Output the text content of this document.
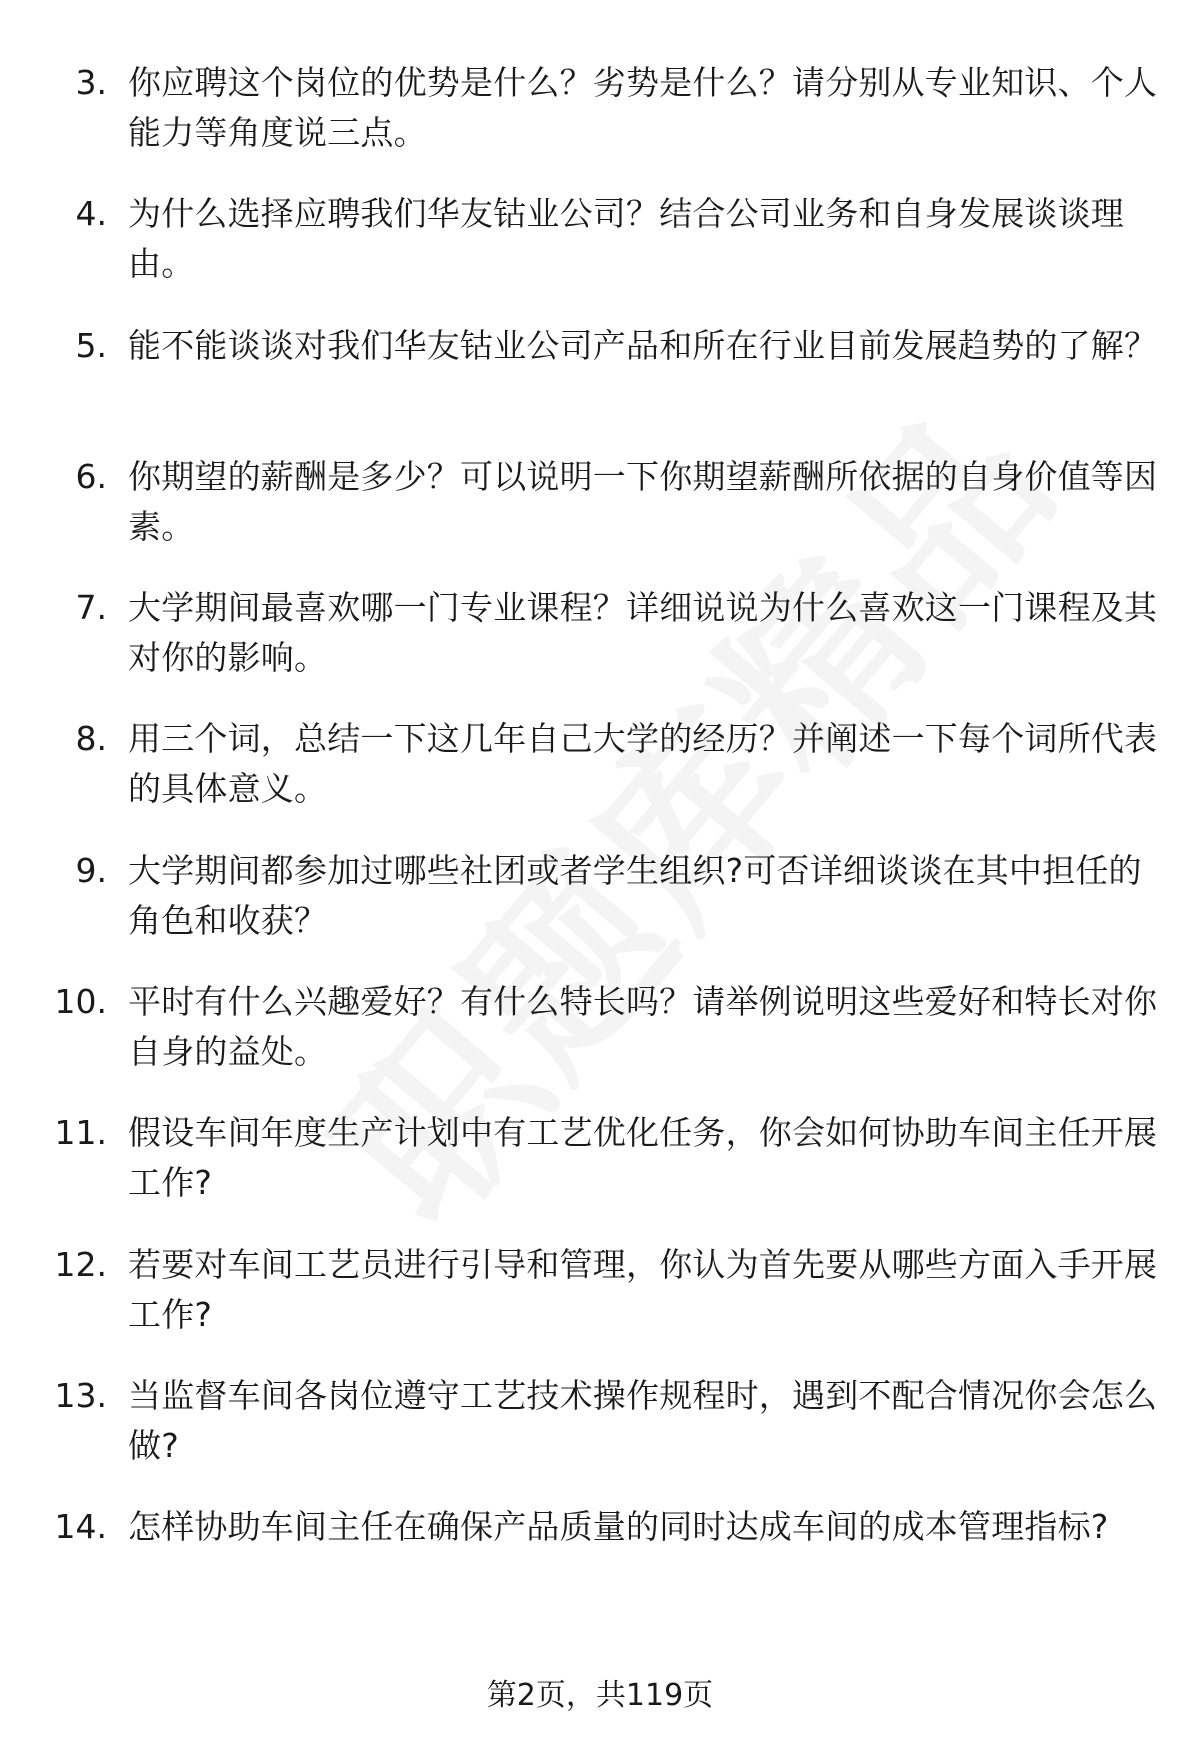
3. 你应聘这个岗位的优势是什么？劣势是什么？请分别从专业知识、个人能力等角度说三点。
4. 为什么选择应聘我们华友钴业公司？结合公司业务和自身发展谈谈理由。
5. 能不能谈谈对我们华友钴业公司产品和所在行业目前发展趋势的了解？
6. 你期望的薪酬是多少？可以说明一下你期望薪酬所依据的自身价值等因素。
7. 大学期间最喜欢哪一门专业课程？详细说说为什么喜欢这一门课程及其对你的影响。
8. 用三个词，总结一下这几年自己大学的经历？并阐述一下每个词所代表的具体意义。
9. 大学期间都参加过哪些社团或者学生组织?可否详细谈谈在其中担任的角色和收获？
10. 平时有什么兴趣爱好？有什么特长吗？请举例说明这些爱好和特长对你自身的益处。
11. 假设车间年度生产计划中有工艺优化任务，你会如何协助车间主任开展工作?
12. 若要对车间工艺员进行引导和管理，你认为首先要从哪些方面入手开展工作?
13. 当监督车间各岗位遵守工艺技术操作规程时，遇到不配合情况你会怎么做?
14. 怎样协助车间主任在确保产品质量的同时达成车间的成本管理指标?
第2页，共119页
